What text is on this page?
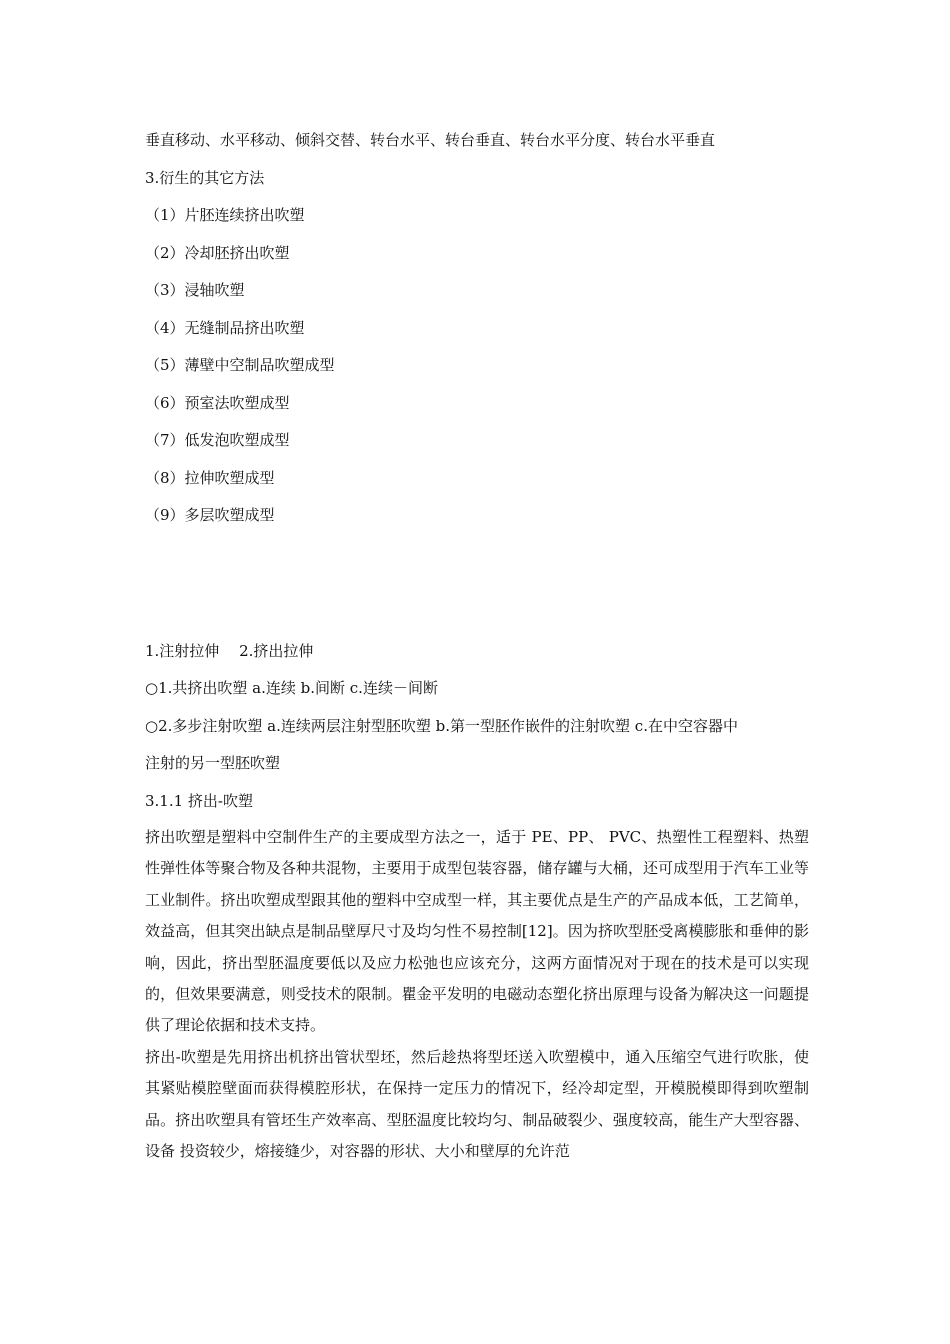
垂直移动、水平移动、倾斜交替、转台水平、转台垂直、转台水平分度、转台水平垂直
3.衍生的其它方法
（1）片胚连续挤出吹塑
（2）冷却胚挤出吹塑
（3）浸轴吹塑
（4）无缝制品挤出吹塑
（5）薄壁中空制品吹塑成型
（6）预室法吹塑成型
（7）低发泡吹塑成型
（8）拉伸吹塑成型
（9）多层吹塑成型
1.注射拉伸　 2.挤出拉伸
○1.共挤出吹塑 a.连续 b.间断 c.连续－间断
○2.多步注射吹塑 a.连续两层注射型胚吹塑 b.第一型胚作嵌件的注射吹塑 c.在中空容器中
注射的另一型胚吹塑
3.1.1 挤出-吹塑

挤出吹塑是塑料中空制件生产的主要成型方法之一，适于 PE、PP、 PVC、热塑性工程塑料、热塑性弹性体等聚合物及各种共混物，主要用于成型包装容器，储存罐与大桶，还可成型用于汽车工业等工业制件。挤出吹塑成型跟其他的塑料中空成型一样，其主要优点是生产的产品成本低，工艺简单，效益高，但其突出缺点是制品壁厚尺寸及均匀性不易控制[12]。因为挤吹型胚受离模膨胀和垂伸的影响，因此，挤出型胚温度要低以及应力松弛也应该充分，这两方面情况对于现在的技术是可以实现的，但效果要满意，则受技术的限制。瞿金平发明的电磁动态塑化挤出原理与设备为解决这一问题提供了理论依据和技术支持。

挤出-吹塑是先用挤出机挤出管状型坯，然后趁热将型坯送入吹塑模中，通入压缩空气进行吹胀，使其紧贴模腔壁面而获得模腔形状，在保持一定压力的情况下，经冷却定型，开模脱模即得到吹塑制品。挤出吹塑具有管坯生产效率高、型胚温度比较均匀、制品破裂少、强度较高，能生产大型容器、设备 投资较少，熔接缝少，对容器的形状、大小和壁厚的允许范
